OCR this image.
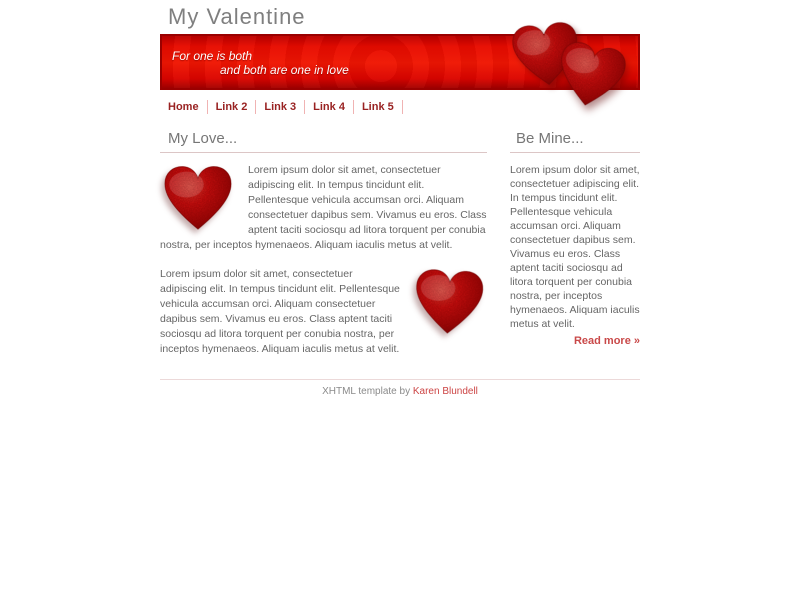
My Valentine
For one is both
and both are one in love
Home	Link 2	Link 3	Link 4	Link 5
My Love...

Lorem ipsum dolor sit amet, consectetuer adipiscing elit. In tempus tincidunt elit. Pellentesque vehicula accumsan orci. Aliquam consectetuer dapibus sem. Vivamus eu eros. Class aptent taciti sociosqu ad litora torquent per conubia nostra, per inceptos hymenaeos. Aliquam iaculis metus at velit.

Lorem ipsum dolor sit amet, consectetuer adipiscing elit. In tempus tincidunt elit. Pellentesque vehicula accumsan orci. Aliquam consectetuer dapibus sem. Vivamus eu eros. Class aptent taciti sociosqu ad litora torquent per conubia nostra, per inceptos hymenaeos. Aliquam iaculis metus at velit.

Be Mine...

Lorem ipsum dolor sit amet, consectetuer adipiscing elit. In tempus tincidunt elit. Pellentesque vehicula accumsan orci. Aliquam consectetuer dapibus sem. Vivamus eu eros. Class aptent taciti sociosqu ad litora torquent per conubia nostra, per inceptos hymenaeos. Aliquam iaculis metus at velit.

Read more »
XHTML template by Karen Blundell
